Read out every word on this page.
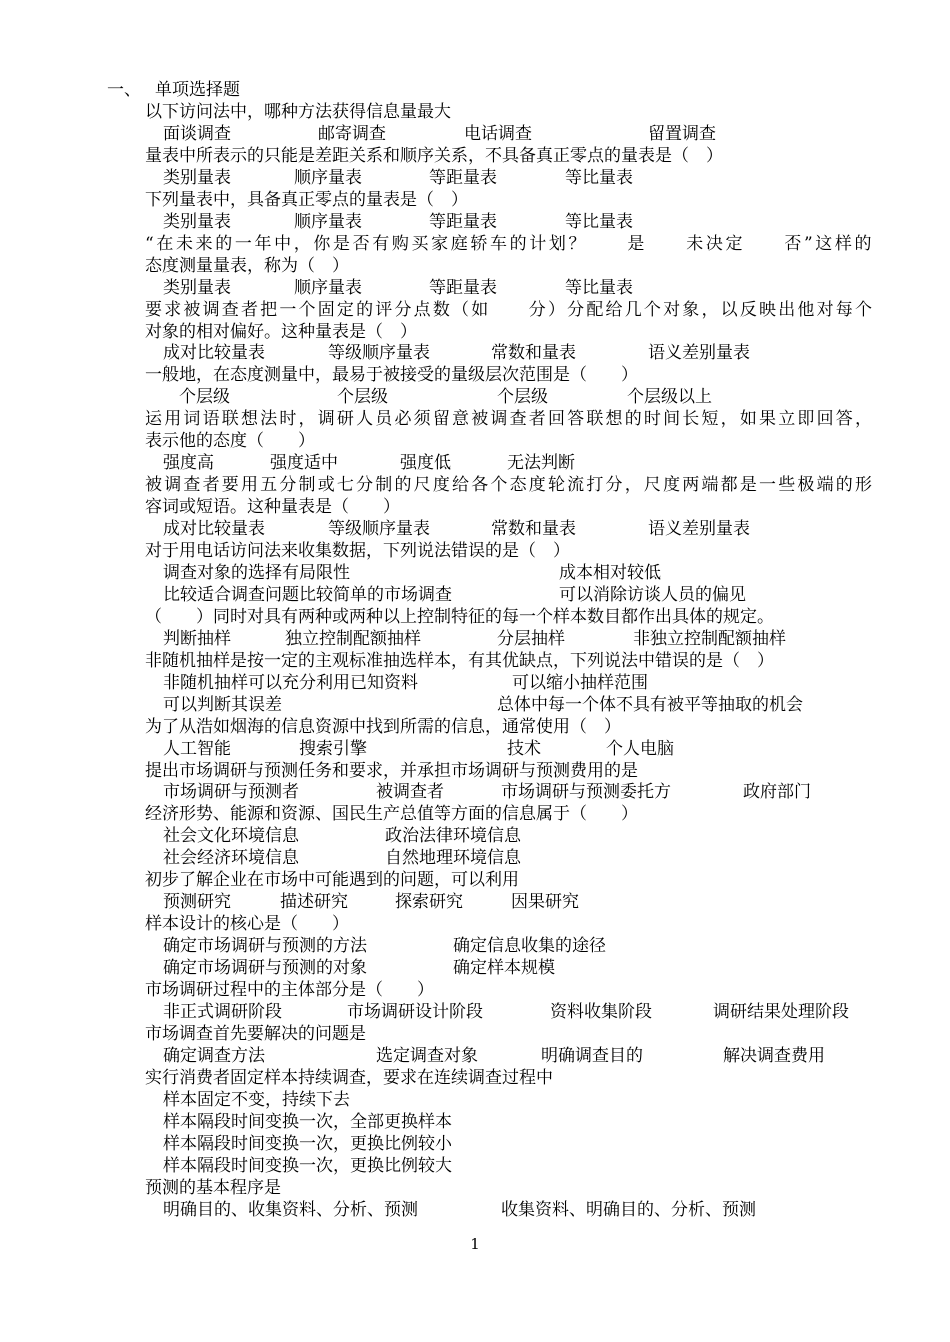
一、 单项选择题
以下访问法中，哪种方法获得信息量最大
面谈调查	邮寄调查	电话调查	留置调查
量表中所表示的只能是差距关系和顺序关系，不具备真正零点的量表是（　）
类别量表	顺序量表	等距量表	等比量表
下列量表中，具备真正零点的量表是（　）
类别量表	顺序量表	等距量表	等比量表
“ 在 未 来 的 一 年 中 ， 你 是 否 有 购 买 家 庭 轿 车 的 计 划 ？

　 是

　 未 决 定

　 否 ” 这 样 的
态度测量量表，称为（　）
类别量表	顺序量表	等距量表	等比量表
要 求 被 调 查 者 把 一 个 固 定 的 评 分 点 数 （ 如

　 分 ） 分 配 给 几 个 对 象 ， 以 反 映 出 他 对 每 个
对象的相对偏好。这种量表是（　）
成对比较量表	等级顺序量表	常数和量表	语义差别量表
一般地，在态度测量中，最易于被接受的量级层次范围是（　　）
个层级	个层级	个层级	个层级以上
运 用 词 语 联 想 法 时 ， 调 研 人 员 必 须 留 意 被 调 查 者 回 答 联 想 的 时 间 长 短 ， 如 果 立 即 回 答 ，
表示他的态度（　　）
强度高	强度适中	强度低	无法判断
被 调 查 者 要 用 五 分 制 或 七 分 制 的 尺 度 给 各 个 态 度 轮 流 打 分 ， 尺 度 两 端 都 是 一 些 极 端 的 形
容词或短语。这种量表是（　　）
成对比较量表	等级顺序量表	常数和量表	语义差别量表
对于用电话访问法来收集数据，下列说法错误的是（　）
调查对象的选择有局限性	成本相对较低
比较适合调查问题比较简单的市场调查	可以消除访谈人员的偏见
（　　）同时对具有两种或两种以上控制特征的每一个样本数目都作出具体的规定。
判断抽样	独立控制配额抽样	分层抽样	非独立控制配额抽样
非随机抽样是按一定的主观标准抽选样本，有其优缺点，下列说法中错误的是（　）
非随机抽样可以充分利用已知资料	可以缩小抽样范围
可以判断其误差	总体中每一个体不具有被平等抽取的机会
为了从浩如烟海的信息资源中找到所需的信息，通常使用（　）
人工智能	搜索引擎	技术	个人电脑
提出市场调研与预测任务和要求，并承担市场调研与预测费用的是
市场调研与预测者	被调查者	市场调研与预测委托方	政府部门
经济形势、能源和资源、国民生产总值等方面的信息属于（　　）
社会文化环境信息	政治法律环境信息
社会经济环境信息	自然地理环境信息
初步了解企业在市场中可能遇到的问题，可以利用
预测研究	描述研究	探索研究	因果研究
样本设计的核心是（　　）
确定市场调研与预测的方法	确定信息收集的途径
确定市场调研与预测的对象	确定样本规模
市场调研过程中的主体部分是（　　）
非正式调研阶段	市场调研设计阶段	资料收集阶段	调研结果处理阶段
市场调查首先要解决的问题是
确定调查方法	选定调查对象	明确调查目的	解决调查费用
实行消费者固定样本持续调查，要求在连续调查过程中
样本固定不变，持续下去
样本隔段时间变换一次，全部更换样本
样本隔段时间变换一次，更换比例较小
样本隔段时间变换一次，更换比例较大
预测的基本程序是
明确目的、收集资料、分析、预测	收集资料、明确目的、分析、预测
1
